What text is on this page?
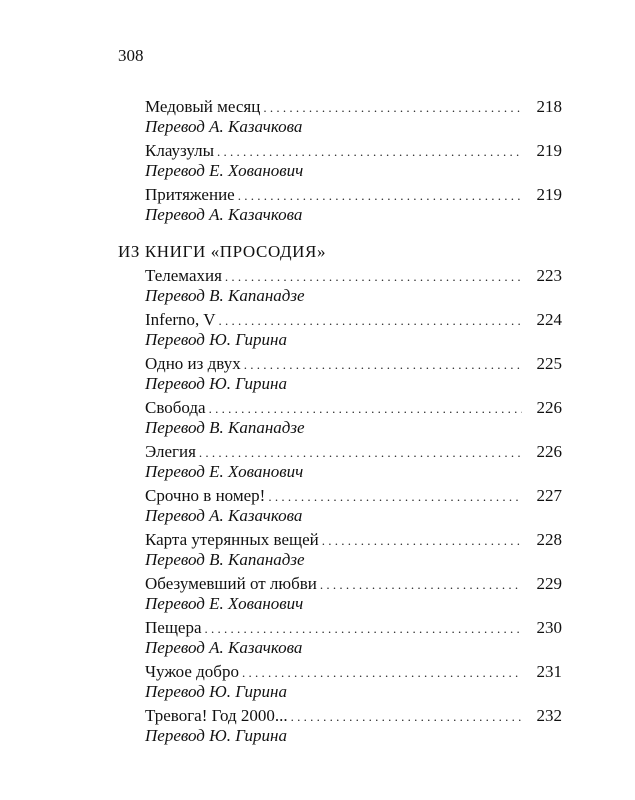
308
Медовый месяц . . .	218
Перевод А. Казачкова
Клаузулы . . .	219
Перевод Е. Хованович
Притяжение . . .	219
Перевод А. Казачкова
ИЗ КНИГИ «ПРОСОДИЯ»
Телемахия . . .	223
Перевод В. Капанадзе
Inferno, V . . .	224
Перевод Ю. Гирина
Одно из двух . . .	225
Перевод Ю. Гирина
Свобода . . .	226
Перевод В. Капанадзе
Элегия . . .	226
Перевод Е. Хованович
Срочно в номер! . . .	227
Перевод А. Казачкова
Карта утерянных вещей . . .	228
Перевод В. Капанадзе
Обезумевший от любви . . .	229
Перевод Е. Хованович
Пещера . . .	230
Перевод А. Казачкова
Чужое добро . . .	231
Перевод Ю. Гирина
Тревога! Год 2000... . . .	232
Перевод Ю. Гирина
